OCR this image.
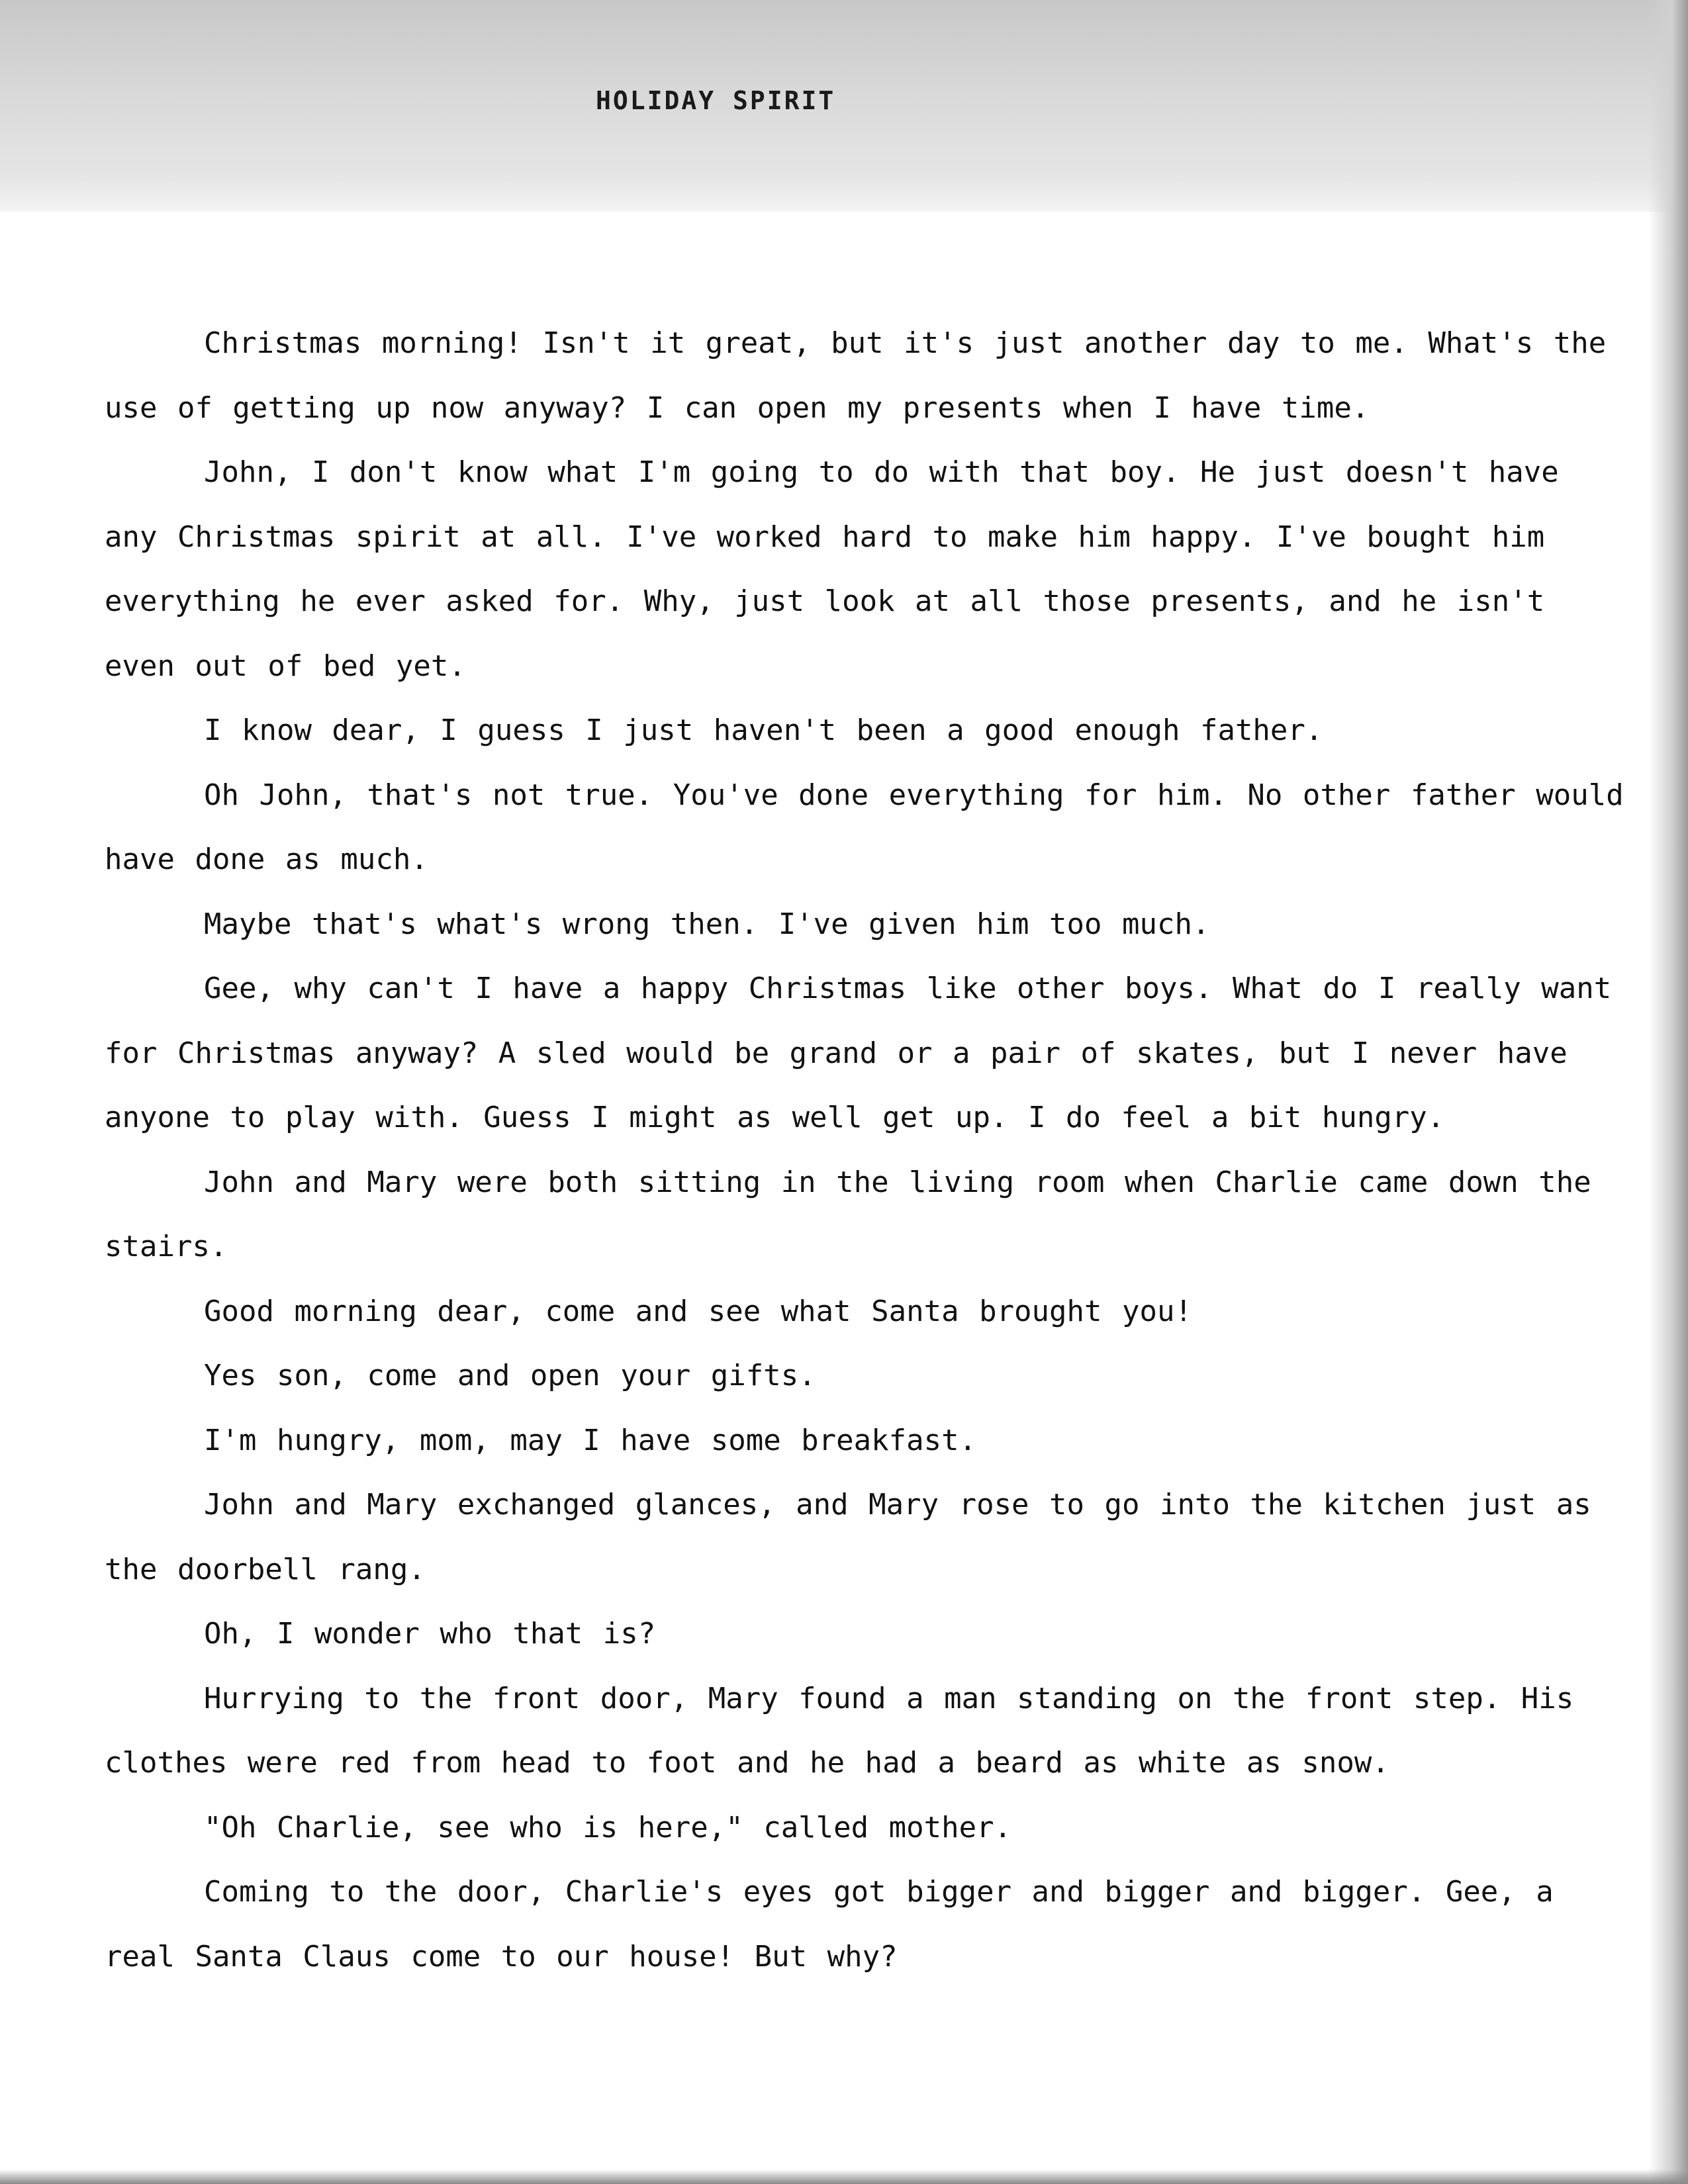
HOLIDAY SPIRIT

Christmas morning! Isn't it great, but it's just another day to me. What's the use of getting up now anyway? I can open my presents when I have time.

John, I don't know what I'm going to do with that boy. He just doesn't have any Christmas spirit at all. I've worked hard to make him happy. I've bought him everything he ever asked for. Why, just look at all those presents, and he isn't even out of bed yet.

I know dear, I guess I just haven't been a good enough father.

Oh John, that's not true. You've done everything for him. No other father would have done as much.

Maybe that's what's wrong then. I've given him too much.

Gee, why can't I have a happy Christmas like other boys. What do I really want for Christmas anyway? A sled would be grand or a pair of skates, but I never have anyone to play with. Guess I might as well get up. I do feel a bit hungry.

John and Mary were both sitting in the living room when Charlie came down the stairs.

Good morning dear, come and see what Santa brought you!

Yes son, come and open your gifts.

I'm hungry, mom, may I have some breakfast.

John and Mary exchanged glances, and Mary rose to go into the kitchen just as the doorbell rang.

Oh, I wonder who that is?

Hurrying to the front door, Mary found a man standing on the front step. His clothes were red from head to foot and he had a beard as white as snow.

"Oh Charlie, see who is here," called mother.

Coming to the door, Charlie's eyes got bigger and bigger and bigger. Gee, a real Santa Claus come to our house! But why?
